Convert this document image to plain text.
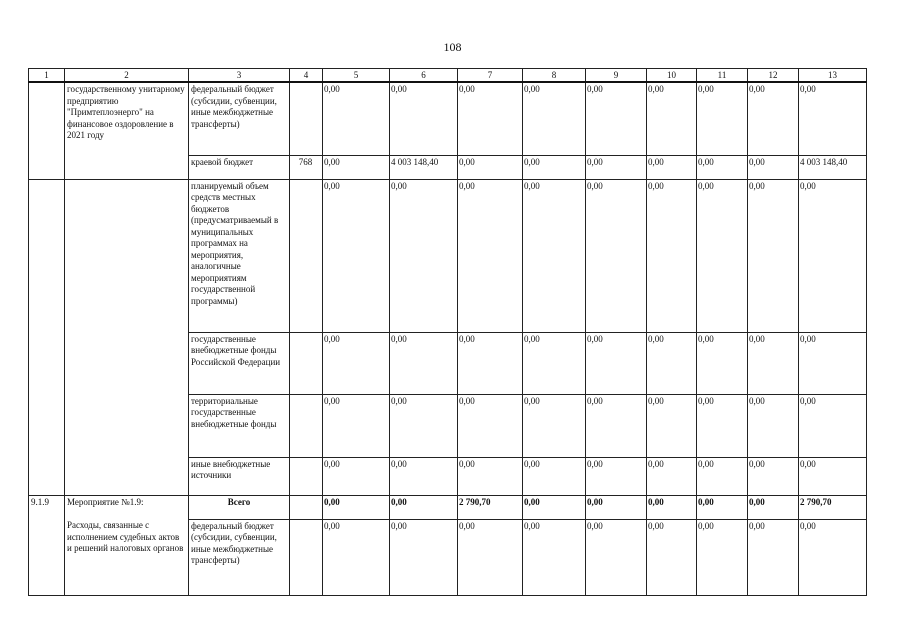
108
1	2	3	4	5	6	7	8	9	10	11	12	13
	государственному унитарному предприятию "Примтеплоэнерго" на финансовое оздоровление в 2021 году	федеральный бюджет (субсидии, субвенции, иные межбюджетные трансферты)		0,00	0,00	0,00	0,00	0,00	0,00	0,00	0,00	0,00
		краевой бюджет	768	0,00	4 003 148,40	0,00	0,00	0,00	0,00	0,00	0,00	4 003 148,40
		планируемый объем средств местных бюджетов (предусматриваемый в муниципальных программах на мероприятия, аналогичные мероприятиям государственной программы)		0,00	0,00	0,00	0,00	0,00	0,00	0,00	0,00	0,00
		государственные внебюджетные фонды Российской Федерации		0,00	0,00	0,00	0,00	0,00	0,00	0,00	0,00	0,00
		территориальные государственные внебюджетные фонды		0,00	0,00	0,00	0,00	0,00	0,00	0,00	0,00	0,00
		иные внебюджетные источники		0,00	0,00	0,00	0,00	0,00	0,00	0,00	0,00	0,00
9.1.9	Мероприятие №1.9:	Всего		0,00	0,00	2 790,70	0,00	0,00	0,00	0,00	0,00	2 790,70
	Расходы, связанные с исполнением судебных актов и решений налоговых органов	федеральный бюджет (субсидии, субвенции, иные межбюджетные трансферты)		0,00	0,00	0,00	0,00	0,00	0,00	0,00	0,00	0,00
